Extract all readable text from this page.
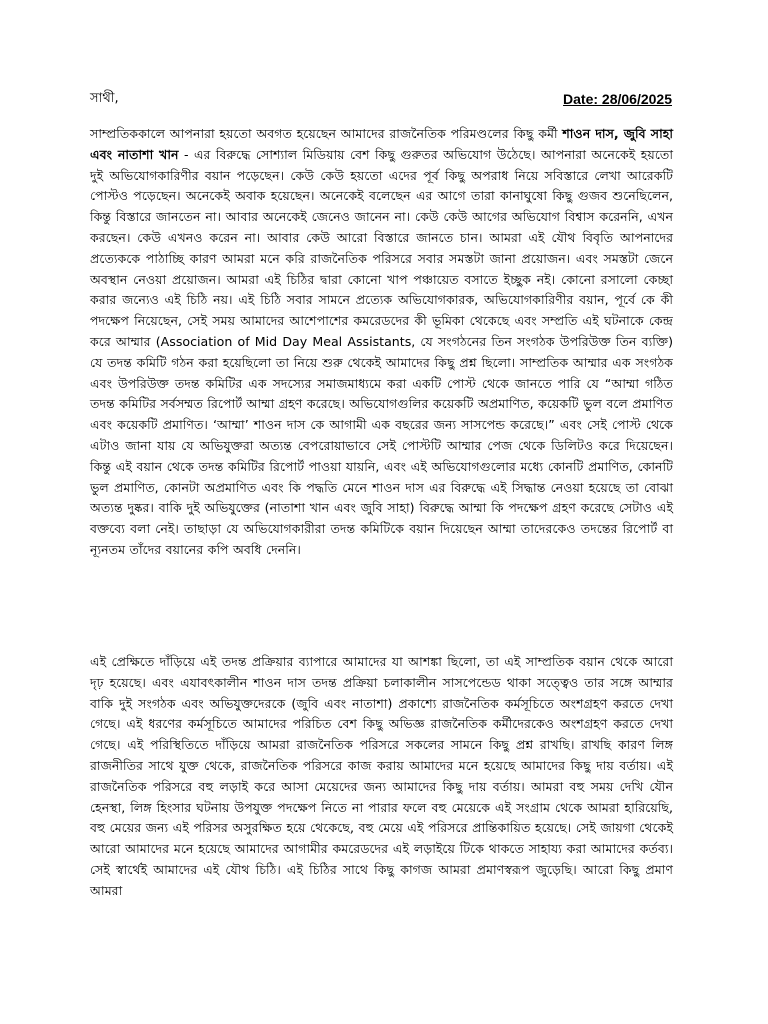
সাথী,	Date: 28/06/2025
সাম্প্রতিককালে আপনারা হয়তো অবগত হয়েছেন আমাদের রাজনৈতিক পরিমণ্ডলের কিছু কর্মী শাওন দাস, জুবি সাহা এবং নাতাশা খান - এর বিরুদ্ধে সোশ্যাল মিডিয়ায় বেশ কিছু গুরুতর অভিযোগ উঠেছে। আপনারা অনেকেই হয়তো দুই অভিযোগকারিণীর বয়ান পড়েছেন। কেউ কেউ হয়তো এদের পূর্ব কিছু অপরাধ নিয়ে সবিস্তারে লেখা আরেকটি পোস্টও পড়েছেন। অনেকেই অবাক হয়েছেন। অনেকেই বলেছেন এর আগে তারা কানাঘুষো কিছু গুজব শুনেছিলেন, কিন্তু বিস্তারে জানতেন না। আবার অনেকেই জেনেও জানেন না। কেউ কেউ আগের অভিযোগ বিশ্বাস করেননি, এখন করছেন। কেউ এখনও করেন না। আবার কেউ আরো বিস্তারে জানতে চান। আমরা এই যৌথ বিবৃতি আপনাদের প্রত্যেককে পাঠাচ্ছি কারণ আমরা মনে করি রাজনৈতিক পরিসরে সবার সমস্তটা জানা প্রয়োজন। এবং সমস্তটা জেনে অবস্থান নেওয়া প্রয়োজন। আমরা এই চিঠির দ্বারা কোনো খাপ পঞ্চায়েত বসাতে ইচ্ছুক নই। কোনো রসালো কেচ্ছা করার জন্যেও এই চিঠি নয়। এই চিঠি সবার সামনে প্রত্যেক অভিযোগকারক, অভিযোগকারিণীর বয়ান, পূর্বে কে কী পদক্ষেপ নিয়েছেন, সেই সময় আমাদের আশেপাশের কমরেডদের কী ভূমিকা থেকেছে এবং সম্প্রতি এই ঘটনাকে কেন্দ্র করে আম্মার (Association of Mid Day Meal Assistants, যে সংগঠনের তিন সংগঠক উপরিউক্ত তিন ব্যক্তি) যে তদন্ত কমিটি গঠন করা হয়েছিলো তা নিয়ে শুরু থেকেই আমাদের কিছু প্রশ্ন ছিলো। সাম্প্রতিক আম্মার এক সংগঠক এবং উপরিউক্ত তদন্ত কমিটির এক সদস্যের সমাজমাধ্যমে করা একটি পোস্ট থেকে জানতে পারি যে “আম্মা গঠিত তদন্ত কমিটির সর্বসম্মত রিপোর্ট আম্মা গ্রহণ করেছে। অভিযোগগুলির কয়েকটি অপ্রমাণিত, কয়েকটি ভুল বলে প্রমাণিত এবং কয়েকটি প্রমাণিত। ‘আম্মা’ শাওন দাস কে আগামী এক বছরের জন্য সাসপেন্ড করেছে।” এবং সেই পোস্ট থেকে এটাও জানা যায় যে অভিযুক্তরা অত্যন্ত বেপরোয়াভাবে সেই পোস্টটি আম্মার পেজ থেকে ডিলিটও করে দিয়েছেন। কিন্তু এই বয়ান থেকে তদন্ত কমিটির রিপোর্ট পাওয়া যায়নি, এবং এই অভিযোগগুলোর মধ্যে কোনটি প্রমাণিত, কোনটি ভুল প্রমাণিত, কোনটা অপ্রমাণিত এবং কি পদ্ধতি মেনে শাওন দাস এর বিরুদ্ধে এই সিদ্ধান্ত নেওয়া হয়েছে তা বোঝা অত্যন্ত দুষ্কর। বাকি দুই অভিযুক্তের (নাতাশা খান এবং জুবি সাহা) বিরুদ্ধে আম্মা কি পদক্ষেপ গ্রহণ করেছে সেটাও এই বক্তব্যে বলা নেই। তাছাড়া যে অভিযোগকারীরা তদন্ত কমিটিকে বয়ান দিয়েছেন আম্মা তাদেরকেও তদন্তের রিপোর্ট বা ন্যূনতম তাঁদের বয়ানের কপি অবধি দেননি।
এই প্রেক্ষিতে দাঁড়িয়ে এই তদন্ত প্রক্রিয়ার ব্যাপারে আমাদের যা আশঙ্কা ছিলো, তা এই সাম্প্রতিক বয়ান থেকে আরো দৃঢ় হয়েছে। এবং এযাবৎকালীন শাওন দাস তদন্ত প্রক্রিয়া চলাকালীন সাসপেন্ডেড থাকা সত্ত্বেও তার সঙ্গে আম্মার বাকি দুই সংগঠক এবং অভিযুক্তদেরকে (জুবি এবং নাতাশা) প্রকাশ্যে রাজনৈতিক কর্মসূচিতে অংশগ্রহণ করতে দেখা গেছে। এই ধরণের কর্মসূচিতে আমাদের পরিচিত বেশ কিছু অভিজ্ঞ রাজনৈতিক কর্মীদেরকেও অংশগ্রহণ করতে দেখা গেছে। এই পরিস্থিতিতে দাঁড়িয়ে আমরা রাজনৈতিক পরিসরে সকলের সামনে কিছু প্রশ্ন রাখছি। রাখছি কারণ লিঙ্গ রাজনীতির সাথে যুক্ত থেকে, রাজনৈতিক পরিসরে কাজ করায় আমাদের মনে হয়েছে আমাদের কিছু দায় বর্তায়। এই রাজনৈতিক পরিসরে বহু লড়াই করে আসা মেয়েদের জন্য আমাদের কিছু দায় বর্তায়। আমরা বহু সময় দেখি যৌন হেনস্থা, লিঙ্গ হিংসার ঘটনায় উপযুক্ত পদক্ষেপ নিতে না পারার ফলে বহু মেয়েকে এই সংগ্রাম থেকে আমরা হারিয়েছি, বহু মেয়ের জন্য এই পরিসর অসুরক্ষিত হয়ে থেকেছে, বহু মেয়ে এই পরিসরে প্রান্তিকায়িত হয়েছে। সেই জায়গা থেকেই আরো আমাদের মনে হয়েছে আমাদের আগামীর কমরেডদের এই লড়াইয়ে টিকে থাকতে সাহায্য করা আমাদের কর্তব্য। সেই স্বার্থেই আমাদের এই যৌথ চিঠি। এই চিঠির সাথে কিছু কাগজ আমরা প্রমাণস্বরূপ জুড়েছি। আরো কিছু প্রমাণ আমরা
